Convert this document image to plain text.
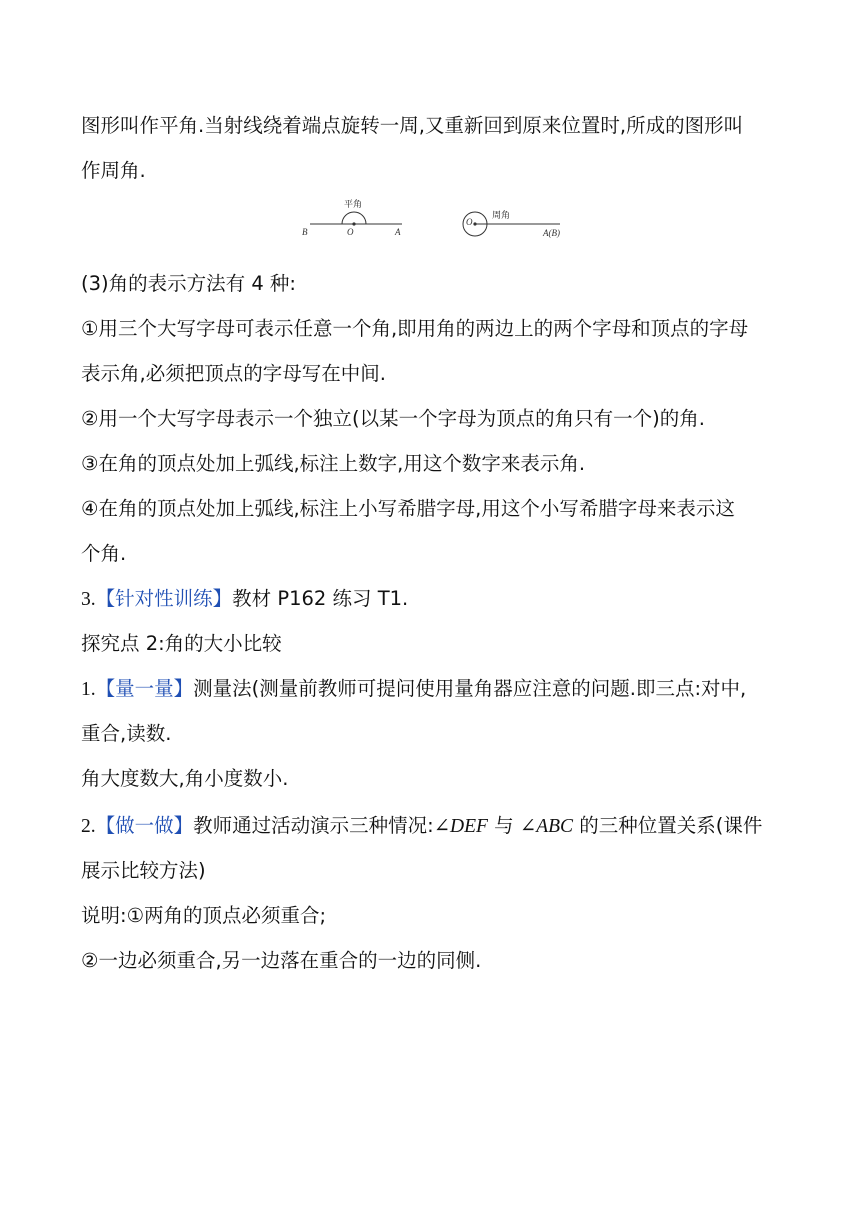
图形叫作平角.当射线绕着端点旋转一周,又重新回到原来位置时,所成的图形叫
作周角.
平角
B	O	A
O
周角
A(B)
(3)角的表示方法有 4 种:
①用三个大写字母可表示任意一个角,即用角的两边上的两个字母和顶点的字母
表示角,必须把顶点的字母写在中间.
②用一个大写字母表示一个独立(以某一个字母为顶点的角只有一个)的角.
③在角的顶点处加上弧线,标注上数字,用这个数字来表示角.
④在角的顶点处加上弧线,标注上小写希腊字母,用这个小写希腊字母来表示这
个角.
3.【针对性训练】教材 P162 练习 T1.
探究点 2:角的大小比较
1.【量一量】测量法(测量前教师可提问使用量角器应注意的问题.即三点:对中,
重合,读数.
角大度数大,角小度数小.
2.【做一做】教师通过活动演示三种情况:∠DEF 与 ∠ABC 的三种位置关系(课件
展示比较方法)
说明:①两角的顶点必须重合;
②一边必须重合,另一边落在重合的一边的同侧.
